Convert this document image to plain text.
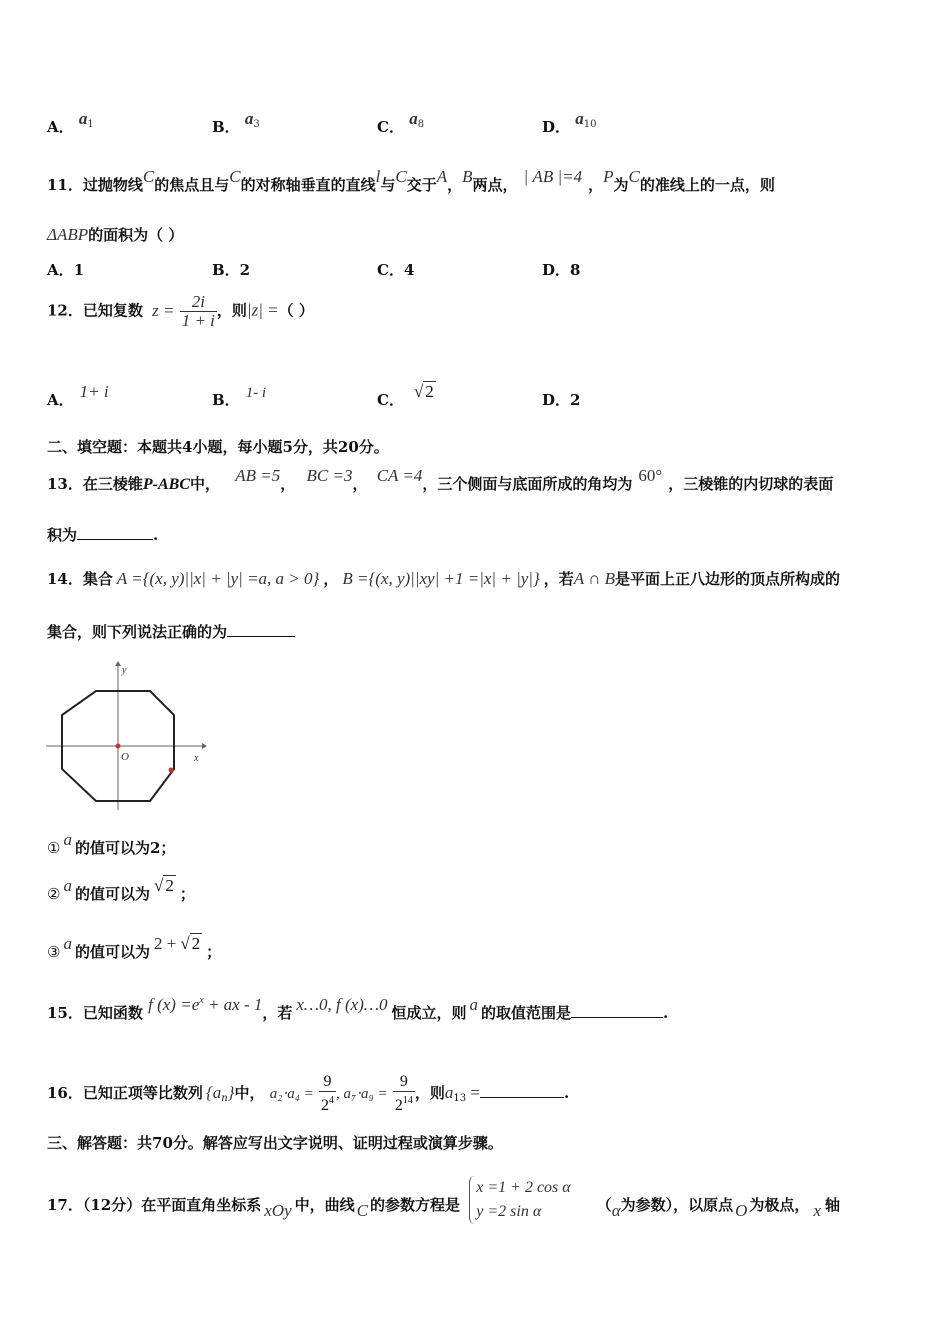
A． $a^1$	B． $a^3$	C． $a^8$	D． $a^{10}$
11．过抛物线C的焦点且与C的对称轴垂直的直线l与C交于A，B两点， | AB |=4 ，P为C的准线上的一点，则
ΔABP的面积为（ ）
A．1	B．2	C．4	D．8
12．已知复数 $z = \frac{2i}{1 + i}$ ，则|z| =（ ）
A． 1+ i	B． 1- i	C． √ 2	D．2
二、填空题：本题共4小题，每小题5分，共20分。
13．在三棱锥P-ABC中， AB =5， BC =3， CA =4，三个侧面与底面所成的角均为 60° ，三棱锥的内切球的表面
积为	.
14．集合 A ={(x, y)||x| + |y| =a, a > 0} ， B ={(x, y)||xy| +1 =|x| + |y|} ，若A ∩ B是平面上正八边形的顶点所构成的
集合，则下列说法正确的为
y
x
O
① a 的值可以为2；
② a 的值可以为 √ 2 ；
③ a 的值可以为 2 + √ 2 ；
15．已知函数 f $(x) =e^x$ + ax - 1，若 x…0, f (x)…0 恒成立，则 a 的取值范围是	.
16．已知正项等比数列 $\{a_n\}$中， $a_2\cdot a_4 = \frac{9}{2^4}$ , $a_7\cdot a_9 = \frac{9}{2^{14}}$ ，则$a_{13}$ =	.
三、解答题：共70分。解答应写出文字说明、证明过程或演算步骤。
17．（12分）在平面直角坐标系 xOy 中，曲线 C 的参数方程是
x =1 + 2 cos α
y =2 sin α	（α为参数），以原点 O 为极点， x 轴
